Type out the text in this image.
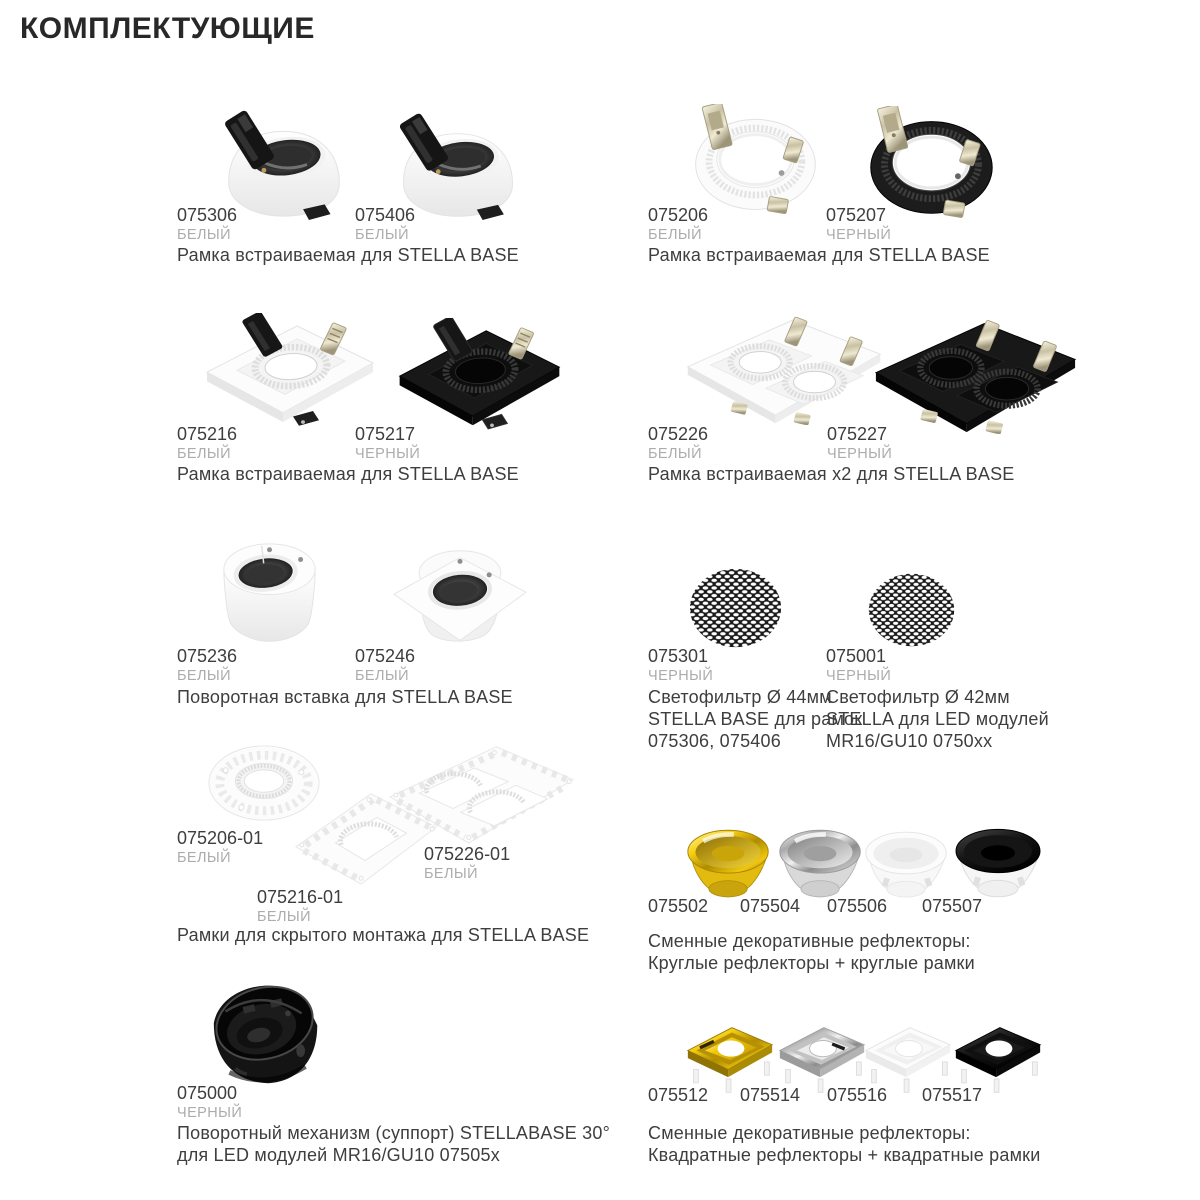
КОМПЛЕКТУЮЩИЕ
075306
БЕЛЫЙ
075406
БЕЛЫЙ
Рамка встраиваемая для STELLA BASE
075206
БЕЛЫЙ
075207
ЧЕРНЫЙ
Рамка встраиваемая для STELLA BASE
075216
БЕЛЫЙ
075217
ЧЕРНЫЙ
Рамка встраиваемая для STELLA BASE
075226
БЕЛЫЙ
075227
ЧЕРНЫЙ
Рамка встраиваемая x2 для STELLA BASE
075236
БЕЛЫЙ
075246
БЕЛЫЙ
Поворотная вставка для STELLA BASE
075301
ЧЕРНЫЙ
075001
ЧЕРНЫЙ
Светофильтр Ø 44мм
STELLA BASE для рамок
075306, 075406
Светофильтр Ø 42мм
STELLA для LED модулей
MR16/GU10 0750xx
075206-01
БЕЛЫЙ
075216-01
БЕЛЫЙ
075226-01
БЕЛЫЙ
Рамки для скрытого монтажа для STELLA BASE
075502 075504 075506 075507
Сменные декоративные рефлекторы:
Круглые рефлекторы + круглые рамки
075000
ЧЕРНЫЙ
Поворотный механизм (суппорт) STELLABASE 30°
для LED модулей MR16/GU10 07505x
075512 075514 075516 075517
Сменные декоративные рефлекторы:
Квадратные рефлекторы + квадратные рамки
